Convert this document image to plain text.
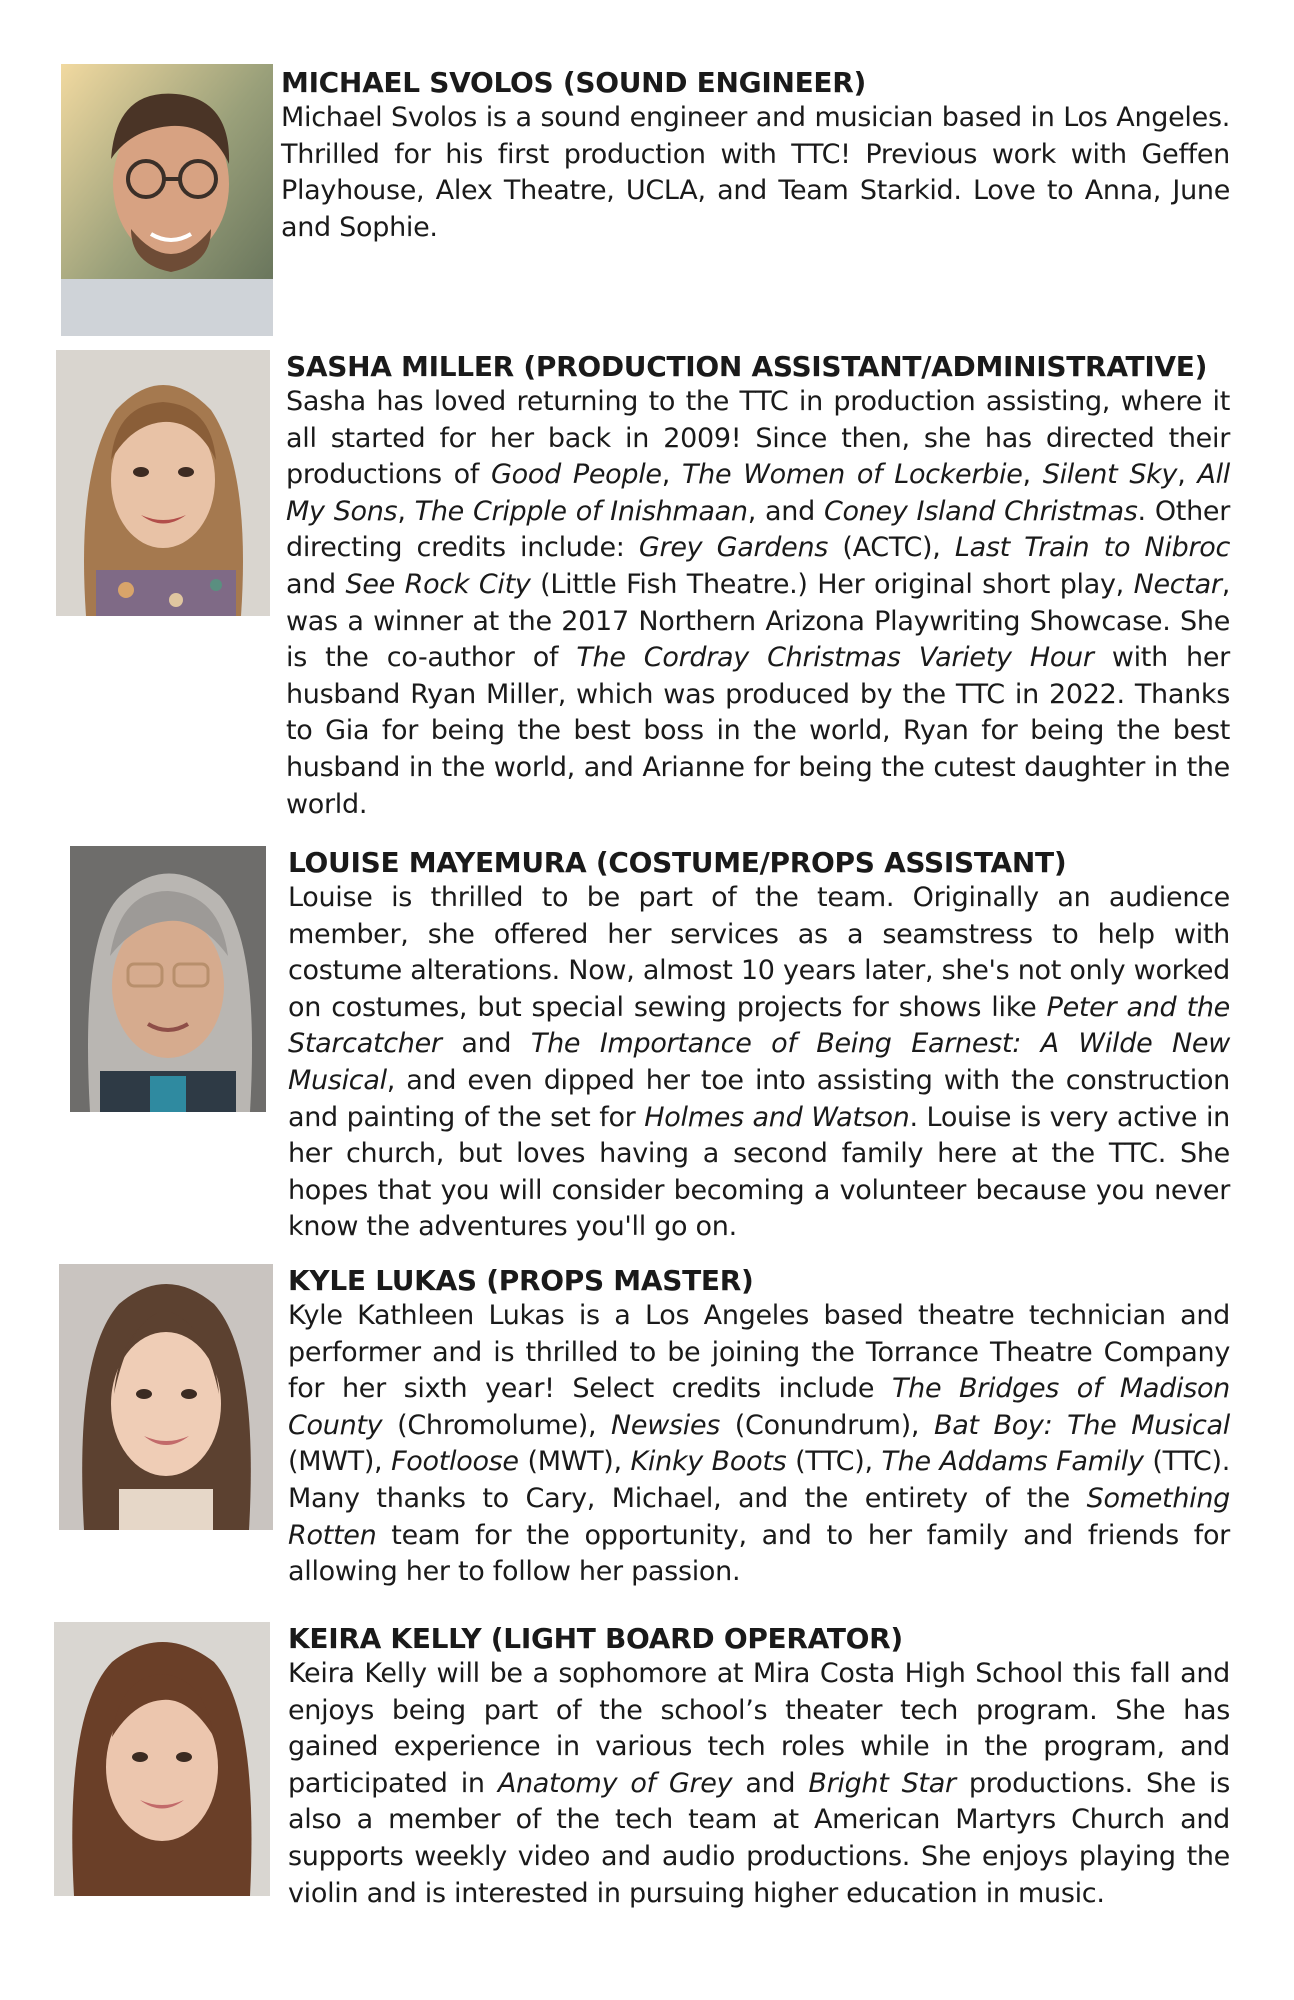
MICHAEL SVOLOS (SOUND ENGINEER)

Michael Svolos is a sound engineer and musician based in Los Angeles. Thrilled for his first production with TTC! Previous work with Geffen Playhouse, Alex Theatre, UCLA, and Team Starkid. Love to Anna, June and Sophie.

SASHA MILLER (PRODUCTION ASSISTANT/ADMINISTRATIVE)

Sasha has loved returning to the TTC in production assisting, where it all started for her back in 2009! Since then, she has directed their productions of Good People, The Women of Lockerbie, Silent Sky, All My Sons, The Cripple of Inishmaan, and Coney Island Christmas. Other directing credits include: Grey Gardens (ACTC), Last Train to Nibroc and See Rock City (Little Fish Theatre.) Her original short play, Nectar, was a winner at the 2017 Northern Arizona Playwriting Showcase. She is the co-author of The Cordray Christmas Variety Hour with her husband Ryan Miller, which was produced by the TTC in 2022. Thanks to Gia for being the best boss in the world, Ryan for being the best husband in the world, and Arianne for being the cutest daughter in the world.

LOUISE MAYEMURA (COSTUME/PROPS ASSISTANT)

Louise is thrilled to be part of the team. Originally an audience member, she offered her services as a seamstress to help with costume alterations. Now, almost 10 years later, she's not only worked on costumes, but special sewing projects for shows like Peter and the Starcatcher and The Importance of Being Earnest: A Wilde New Musical, and even dipped her toe into assisting with the construction and painting of the set for Holmes and Watson. Louise is very active in her church, but loves having a second family here at the TTC. She hopes that you will consider becoming a volunteer because you never know the adventures you'll go on.

KYLE LUKAS (PROPS MASTER)

Kyle Kathleen Lukas is a Los Angeles based theatre technician and performer and is thrilled to be joining the Torrance Theatre Company for her sixth year! Select credits include The Bridges of Madison County (Chromolume), Newsies (Conundrum), Bat Boy: The Musical (MWT), Footloose (MWT), Kinky Boots (TTC), The Addams Family (TTC). Many thanks to Cary, Michael, and the entirety of the Something Rotten team for the opportunity, and to her family and friends for allowing her to follow her passion.

KEIRA KELLY (LIGHT BOARD OPERATOR)

Keira Kelly will be a sophomore at Mira Costa High School this fall and enjoys being part of the school’s theater tech program. She has gained experience in various tech roles while in the program, and participated in Anatomy of Grey and Bright Star productions. She is also a member of the tech team at American Martyrs Church and supports weekly video and audio productions. She enjoys playing the violin and is interested in pursuing higher education in music.
